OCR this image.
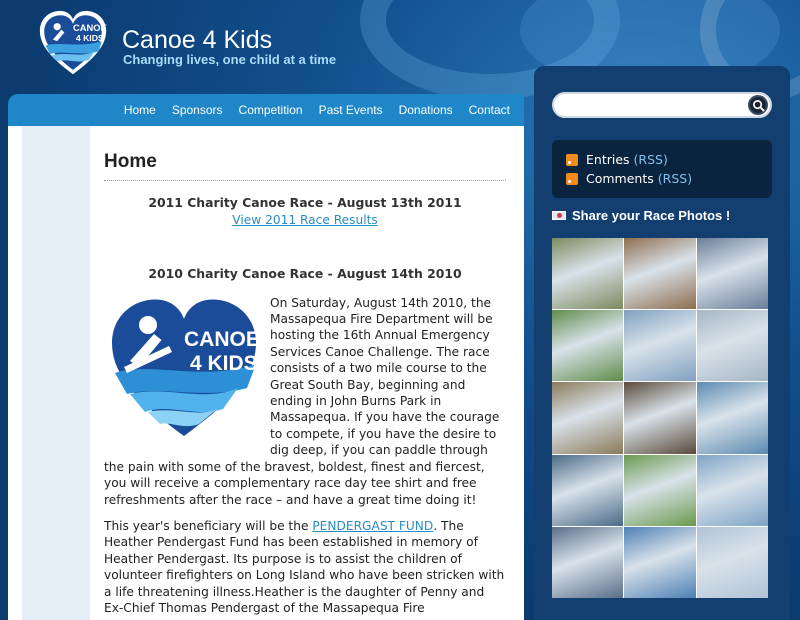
CANOE
4 KIDS Canoe 4 Kids
Changing lives, one child at a time
Home Sponsors Competition Past Events Donations Contact
Home
2011 Charity Canoe Race - August 13th 2011
View 2011 Race Results
2010 Charity Canoe Race - August 14th 2010
CANOE
4 KIDS

On Saturday, August 14th 2010, the Massapequa Fire Department will be hosting the 16th Annual Emergency Services Canoe Challenge. The race consists of a two mile course to the Great South Bay, beginning and ending in John Burns Park in Massapequa. If you have the courage to compete, if you have the desire to dig deep, if you can paddle through the pain with some of the bravest, boldest, finest and fiercest, you will receive a complementary race day tee shirt and free refreshments after the race – and have a great time doing it!

This year's beneficiary will be the PENDERGAST FUND. The Heather Pendergast Fund has been established in memory of Heather Pendergast. Its purpose is to assist the children of volunteer firefighters on Long Island who have been stricken with a life threatening illness.Heather is the daughter of Penny and Ex-Chief Thomas Pendergast of the Massapequa Fire

Entries (RSS)
Comments (RSS)
Share your Race Photos !
